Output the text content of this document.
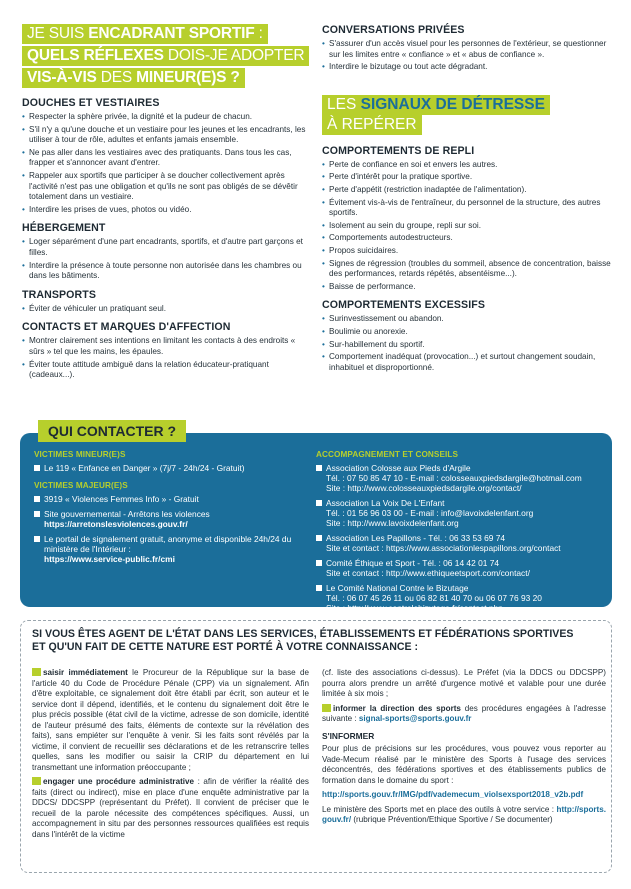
JE SUIS ENCADRANT SPORTIF :
QUELS RÉFLEXES DOIS-JE ADOPTER
VIS-À-VIS DES MINEUR(E)S ?
DOUCHES ET VESTIAIRES
• Respecter la sphère privée, la dignité et la pudeur de chacun.
• S'il n'y a qu'une douche et un vestiaire pour les jeunes et les encadrants, les utiliser à tour de rôle, adultes et enfants jamais ensemble.
• Ne pas aller dans les vestiaires avec des pratiquants. Dans tous les cas, frapper et s'annoncer avant d'entrer.
• Rappeler aux sportifs que participer à se doucher collectivement après l'activité n'est pas une obligation et qu'ils ne sont pas obligés de se dévêtir totalement dans un vestiaire.
• Interdire les prises de vues, photos ou vidéo.
HÉBERGEMENT
• Loger séparément d'une part encadrants, sportifs, et d'autre part garçons et filles.
• Interdire la présence à toute personne non autorisée dans les chambres ou dans les bâtiments.
TRANSPORTS
• Éviter de véhiculer un pratiquant seul.
CONTACTS ET MARQUES D'AFFECTION
• Montrer clairement ses intentions en limitant les contacts à des endroits « sûrs » tel que les mains, les épaules.
• Éviter toute attitude ambiguë dans la relation éducateur-pratiquant (cadeaux...).
CONVERSATIONS PRIVÉES
• S'assurer d'un accès visuel pour les personnes de l'extérieur, se questionner sur les limites entre « confiance » et « abus de confiance ».
• Interdire le bizutage ou tout acte dégradant.
LES SIGNAUX DE DÉTRESSE
À REPÉRER
COMPORTEMENTS DE REPLI
• Perte de confiance en soi et envers les autres.
• Perte d'intérêt pour la pratique sportive.
• Perte d'appétit (restriction inadaptée de l'alimentation).
• Évitement vis-à-vis de l'entraîneur, du personnel de la structure, des autres sportifs.
• Isolement au sein du groupe, repli sur soi.
• Comportements autodestructeurs.
• Propos suicidaires.
• Signes de régression (troubles du sommeil, absence de concentration, baisse des performances, retards répétés, absentéisme...).
• Baisse de performance.
COMPORTEMENTS EXCESSIFS
• Surinvestissement ou abandon.
• Boulimie ou anorexie.
• Sur-habillement du sportif.
• Comportement inadéquat (provocation...) et surtout changement soudain, inhabituel et disproportionné.
QUI CONTACTER ?
VICTIMES MINEUR(E)S
Le 119 « Enfance en Danger » (7j/7 - 24h/24 - Gratuit)
VICTIMES MAJEUR(E)S
3919 « Violences Femmes Info » - Gratuit
Site gouvernemental - Arrêtons les violences
https://arretonslesviolences.gouv.fr/
Le portail de signalement gratuit, anonyme et disponible 24h/24 du ministère de l'Intérieur :
https://www.service-public.fr/cmi
ACCOMPAGNEMENT ET CONSEILS
Association Colosse aux Pieds d'Argile
Tél. : 07 50 85 47 10 - E-mail : colosseauxpiedsdargile@hotmail.com
Site : http://www.colosseauxpiedsdargile.org/contact/
Association La Voix De L'Enfant
Tél. : 01 56 96 03 00 - E-mail : info@lavoixdelenfant.org
Site : http://www.lavoixdelenfant.org
Association Les Papillons - Tél. : 06 33 53 69 74
Site et contact : https://www.associationlespapillons.org/contact
Comité Éthique et Sport - Tél. : 06 14 42 01 74
Site et contact : http://www.ethiqueetsport.com/contact/
Le Comité National Contre le Bizutage
Tél. : 06 07 45 26 11 ou 06 82 81 40 70 ou 06 07 76 93 20
Site : http://www.contrelebizutage.fr/contact.php
SI VOUS ÊTES AGENT DE L'ÉTAT DANS LES SERVICES, ÉTABLISSEMENTS ET FÉDÉRATIONS SPORTIVES
ET QU'UN FAIT DE CETTE NATURE EST PORTÉ À VOTRE CONNAISSANCE :

saisir immédiatement le Procureur de la République sur la base de l'article 40 du Code de Procédure Pénale (CPP) via un signalement. Afin d'être exploitable, ce signalement doit être établi par écrit, son auteur et le service dont il dépend, identifiés, et le contenu du signalement doit être le plus précis possible (état civil de la victime, adresse de son domicile, identité de l'auteur présumé des faits, éléments de contexte sur la révélation des faits), sans empiéter sur l'enquête à venir. Si les faits sont révélés par la victime, il convient de recueillir ses déclarations et de les retranscrire telles quelles, sans les modifier ou saisir la CRIP du département en lui transmettant une information préoccupante ;

engager une procédure administrative : afin de vérifier la réalité des faits (direct ou indirect), mise en place d'une enquête administrative par la DDCS/ DDCSPP (représentant du Préfet). Il convient de préciser que le recueil de la parole nécessite des compétences spécifiques. Aussi, un accompagnement in situ par des personnes ressources qualifiées est requis dans l'intérêt de la victime

(cf. liste des associations ci-dessus). Le Préfet (via la DDCS ou DDCSPP) pourra alors prendre un arrêté d'urgence motivé et valable pour une durée limitée à six mois ;

informer la direction des sports des procédures engagées à l'adresse suivante : signal-sports@sports.gouv.fr

S'INFORMER

Pour plus de précisions sur les procédures, vous pouvez vous reporter au Vade-Mecum réalisé par le ministère des Sports à l'usage des services déconcentrés, des fédérations sportives et des établissements publics de formation dans le domaine du sport :

http://sports.gouv.fr/IMG/pdf/vademecum_violsexsport2018_v2b.pdf

Le ministère des Sports met en place des outils à votre service : http://sports.gouv.fr/ (rubrique Prévention/Ethique Sportive / Se documenter)
